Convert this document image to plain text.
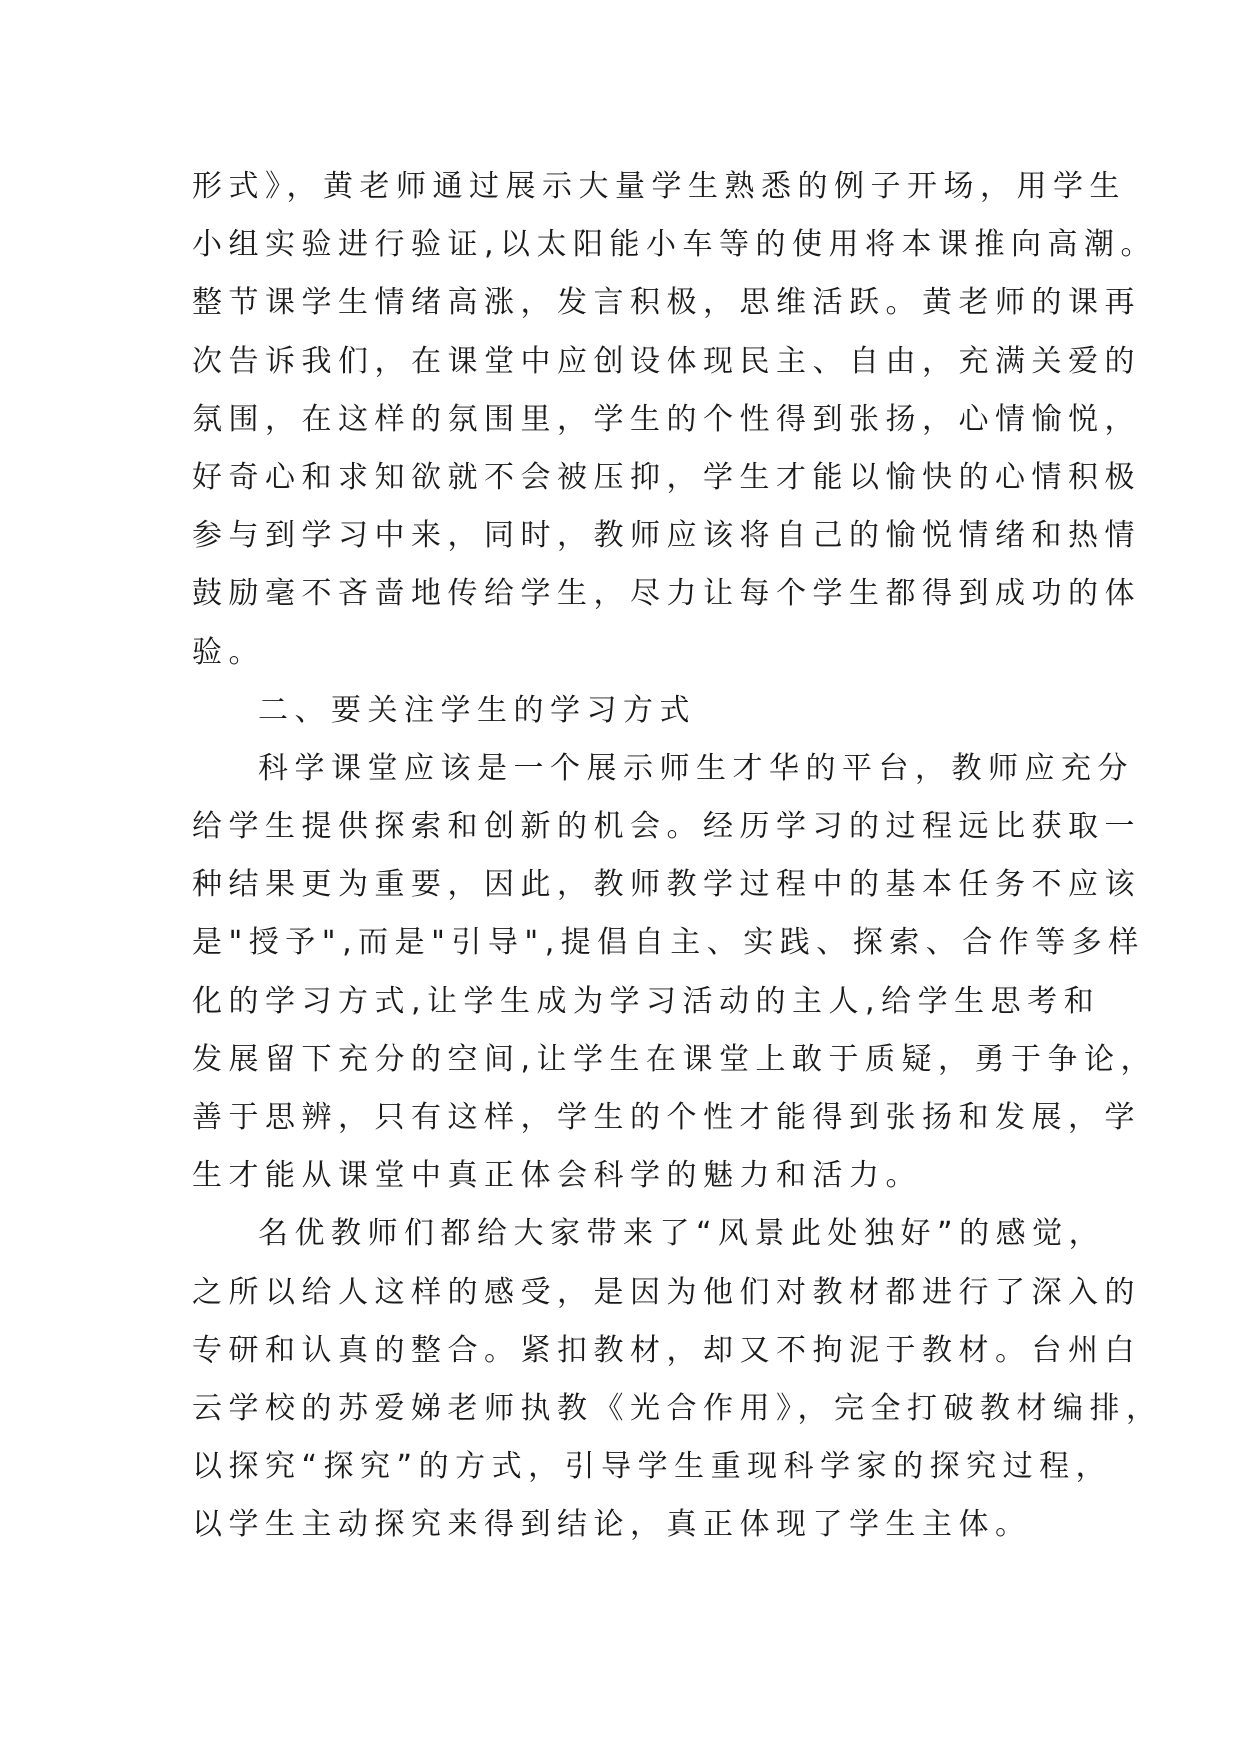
形式》，黄老师通过展示大量学生熟悉的例子开场，用学生
小组实验进行验证,以太阳能小车等的使用将本课推向高潮。
整节课学生情绪高涨，发言积极，思维活跃。黄老师的课再
次告诉我们，在课堂中应创设体现民主、自由，充满关爱的
氛围，在这样的氛围里，学生的个性得到张扬，心情愉悦，
好奇心和求知欲就不会被压抑，学生才能以愉快的心情积极
参与到学习中来，同时，教师应该将自己的愉悦情绪和热情
鼓励毫不吝啬地传给学生，尽力让每个学生都得到成功的体
验。
二、要关注学生的学习方式
科学课堂应该是一个展示师生才华的平台，教师应充分
给学生提供探索和创新的机会。经历学习的过程远比获取一
种结果更为重要，因此，教师教学过程中的基本任务不应该
是"授予",而是"引导",提倡自主、实践、探索、合作等多样
化的学习方式,让学生成为学习活动的主人,给学生思考和
发展留下充分的空间,让学生在课堂上敢于质疑，勇于争论，
善于思辨，只有这样，学生的个性才能得到张扬和发展，学
生才能从课堂中真正体会科学的魅力和活力。
名优教师们都给大家带来了“风景此处独好”的感觉，
之所以给人这样的感受，是因为他们对教材都进行了深入的
专研和认真的整合。紧扣教材，却又不拘泥于教材。台州白
云学校的苏爱娣老师执教《光合作用》，完全打破教材编排，
以探究“探究”的方式，引导学生重现科学家的探究过程，
以学生主动探究来得到结论，真正体现了学生主体。
